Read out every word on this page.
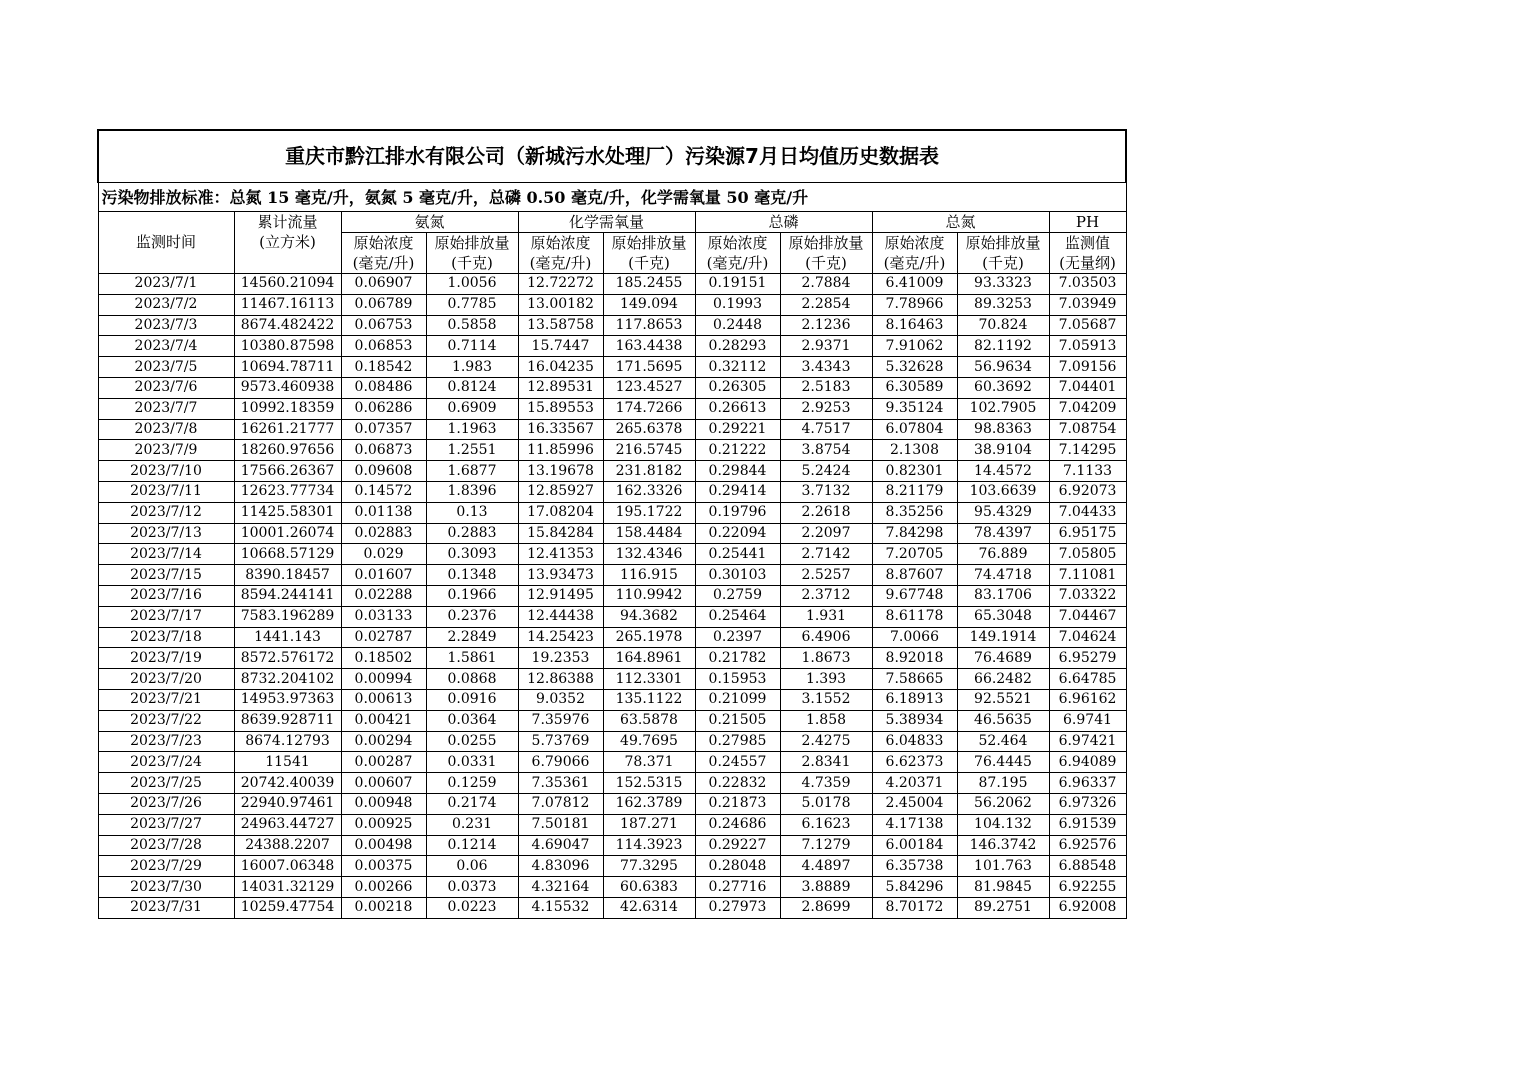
重庆市黔江排水有限公司（新城污水处理厂）污染源7月日均值历史数据表										
污染物排放标准：总氮 15 毫克/升，氨氮 5 毫克/升，总磷 0.50 毫克/升，化学需氧量 50 毫克/升										
	累计流量	氨氮		化学需氧量		总磷		总氮		PH
监测时间	(立方米)	原始浓度	原始排放量	原始浓度	原始排放量	原始浓度	原始排放量	原始浓度	原始排放量	监测值
		(毫克/升)	(千克)	(毫克/升)	(千克)	(毫克/升)	(千克)	(毫克/升)	(千克)	(无量纲)
2023/7/1	14560.21094	0.06907	1.0056	12.72272	185.2455	0.19151	2.7884	6.41009	93.3323	7.03503
2023/7/2	11467.16113	0.06789	0.7785	13.00182	149.094	0.1993	2.2854	7.78966	89.3253	7.03949
2023/7/3	8674.482422	0.06753	0.5858	13.58758	117.8653	0.2448	2.1236	8.16463	70.824	7.05687
2023/7/4	10380.87598	0.06853	0.7114	15.7447	163.4438	0.28293	2.9371	7.91062	82.1192	7.05913
2023/7/5	10694.78711	0.18542	1.983	16.04235	171.5695	0.32112	3.4343	5.32628	56.9634	7.09156
2023/7/6	9573.460938	0.08486	0.8124	12.89531	123.4527	0.26305	2.5183	6.30589	60.3692	7.04401
2023/7/7	10992.18359	0.06286	0.6909	15.89553	174.7266	0.26613	2.9253	9.35124	102.7905	7.04209
2023/7/8	16261.21777	0.07357	1.1963	16.33567	265.6378	0.29221	4.7517	6.07804	98.8363	7.08754
2023/7/9	18260.97656	0.06873	1.2551	11.85996	216.5745	0.21222	3.8754	2.1308	38.9104	7.14295
2023/7/10	17566.26367	0.09608	1.6877	13.19678	231.8182	0.29844	5.2424	0.82301	14.4572	7.1133
2023/7/11	12623.77734	0.14572	1.8396	12.85927	162.3326	0.29414	3.7132	8.21179	103.6639	6.92073
2023/7/12	11425.58301	0.01138	0.13	17.08204	195.1722	0.19796	2.2618	8.35256	95.4329	7.04433
2023/7/13	10001.26074	0.02883	0.2883	15.84284	158.4484	0.22094	2.2097	7.84298	78.4397	6.95175
2023/7/14	10668.57129	0.029	0.3093	12.41353	132.4346	0.25441	2.7142	7.20705	76.889	7.05805
2023/7/15	8390.18457	0.01607	0.1348	13.93473	116.915	0.30103	2.5257	8.87607	74.4718	7.11081
2023/7/16	8594.244141	0.02288	0.1966	12.91495	110.9942	0.2759	2.3712	9.67748	83.1706	7.03322
2023/7/17	7583.196289	0.03133	0.2376	12.44438	94.3682	0.25464	1.931	8.61178	65.3048	7.04467
2023/7/18	1441.143	0.02787	2.2849	14.25423	265.1978	0.2397	6.4906	7.0066	149.1914	7.04624
2023/7/19	8572.576172	0.18502	1.5861	19.2353	164.8961	0.21782	1.8673	8.92018	76.4689	6.95279
2023/7/20	8732.204102	0.00994	0.0868	12.86388	112.3301	0.15953	1.393	7.58665	66.2482	6.64785
2023/7/21	14953.97363	0.00613	0.0916	9.0352	135.1122	0.21099	3.1552	6.18913	92.5521	6.96162
2023/7/22	8639.928711	0.00421	0.0364	7.35976	63.5878	0.21505	1.858	5.38934	46.5635	6.9741
2023/7/23	8674.12793	0.00294	0.0255	5.73769	49.7695	0.27985	2.4275	6.04833	52.464	6.97421
2023/7/24	11541	0.00287	0.0331	6.79066	78.371	0.24557	2.8341	6.62373	76.4445	6.94089
2023/7/25	20742.40039	0.00607	0.1259	7.35361	152.5315	0.22832	4.7359	4.20371	87.195	6.96337
2023/7/26	22940.97461	0.00948	0.2174	7.07812	162.3789	0.21873	5.0178	2.45004	56.2062	6.97326
2023/7/27	24963.44727	0.00925	0.231	7.50181	187.271	0.24686	6.1623	4.17138	104.132	6.91539
2023/7/28	24388.2207	0.00498	0.1214	4.69047	114.3923	0.29227	7.1279	6.00184	146.3742	6.92576
2023/7/29	16007.06348	0.00375	0.06	4.83096	77.3295	0.28048	4.4897	6.35738	101.763	6.88548
2023/7/30	14031.32129	0.00266	0.0373	4.32164	60.6383	0.27716	3.8889	5.84296	81.9845	6.92255
2023/7/31	10259.47754	0.00218	0.0223	4.15532	42.6314	0.27973	2.8699	8.70172	89.2751	6.92008
